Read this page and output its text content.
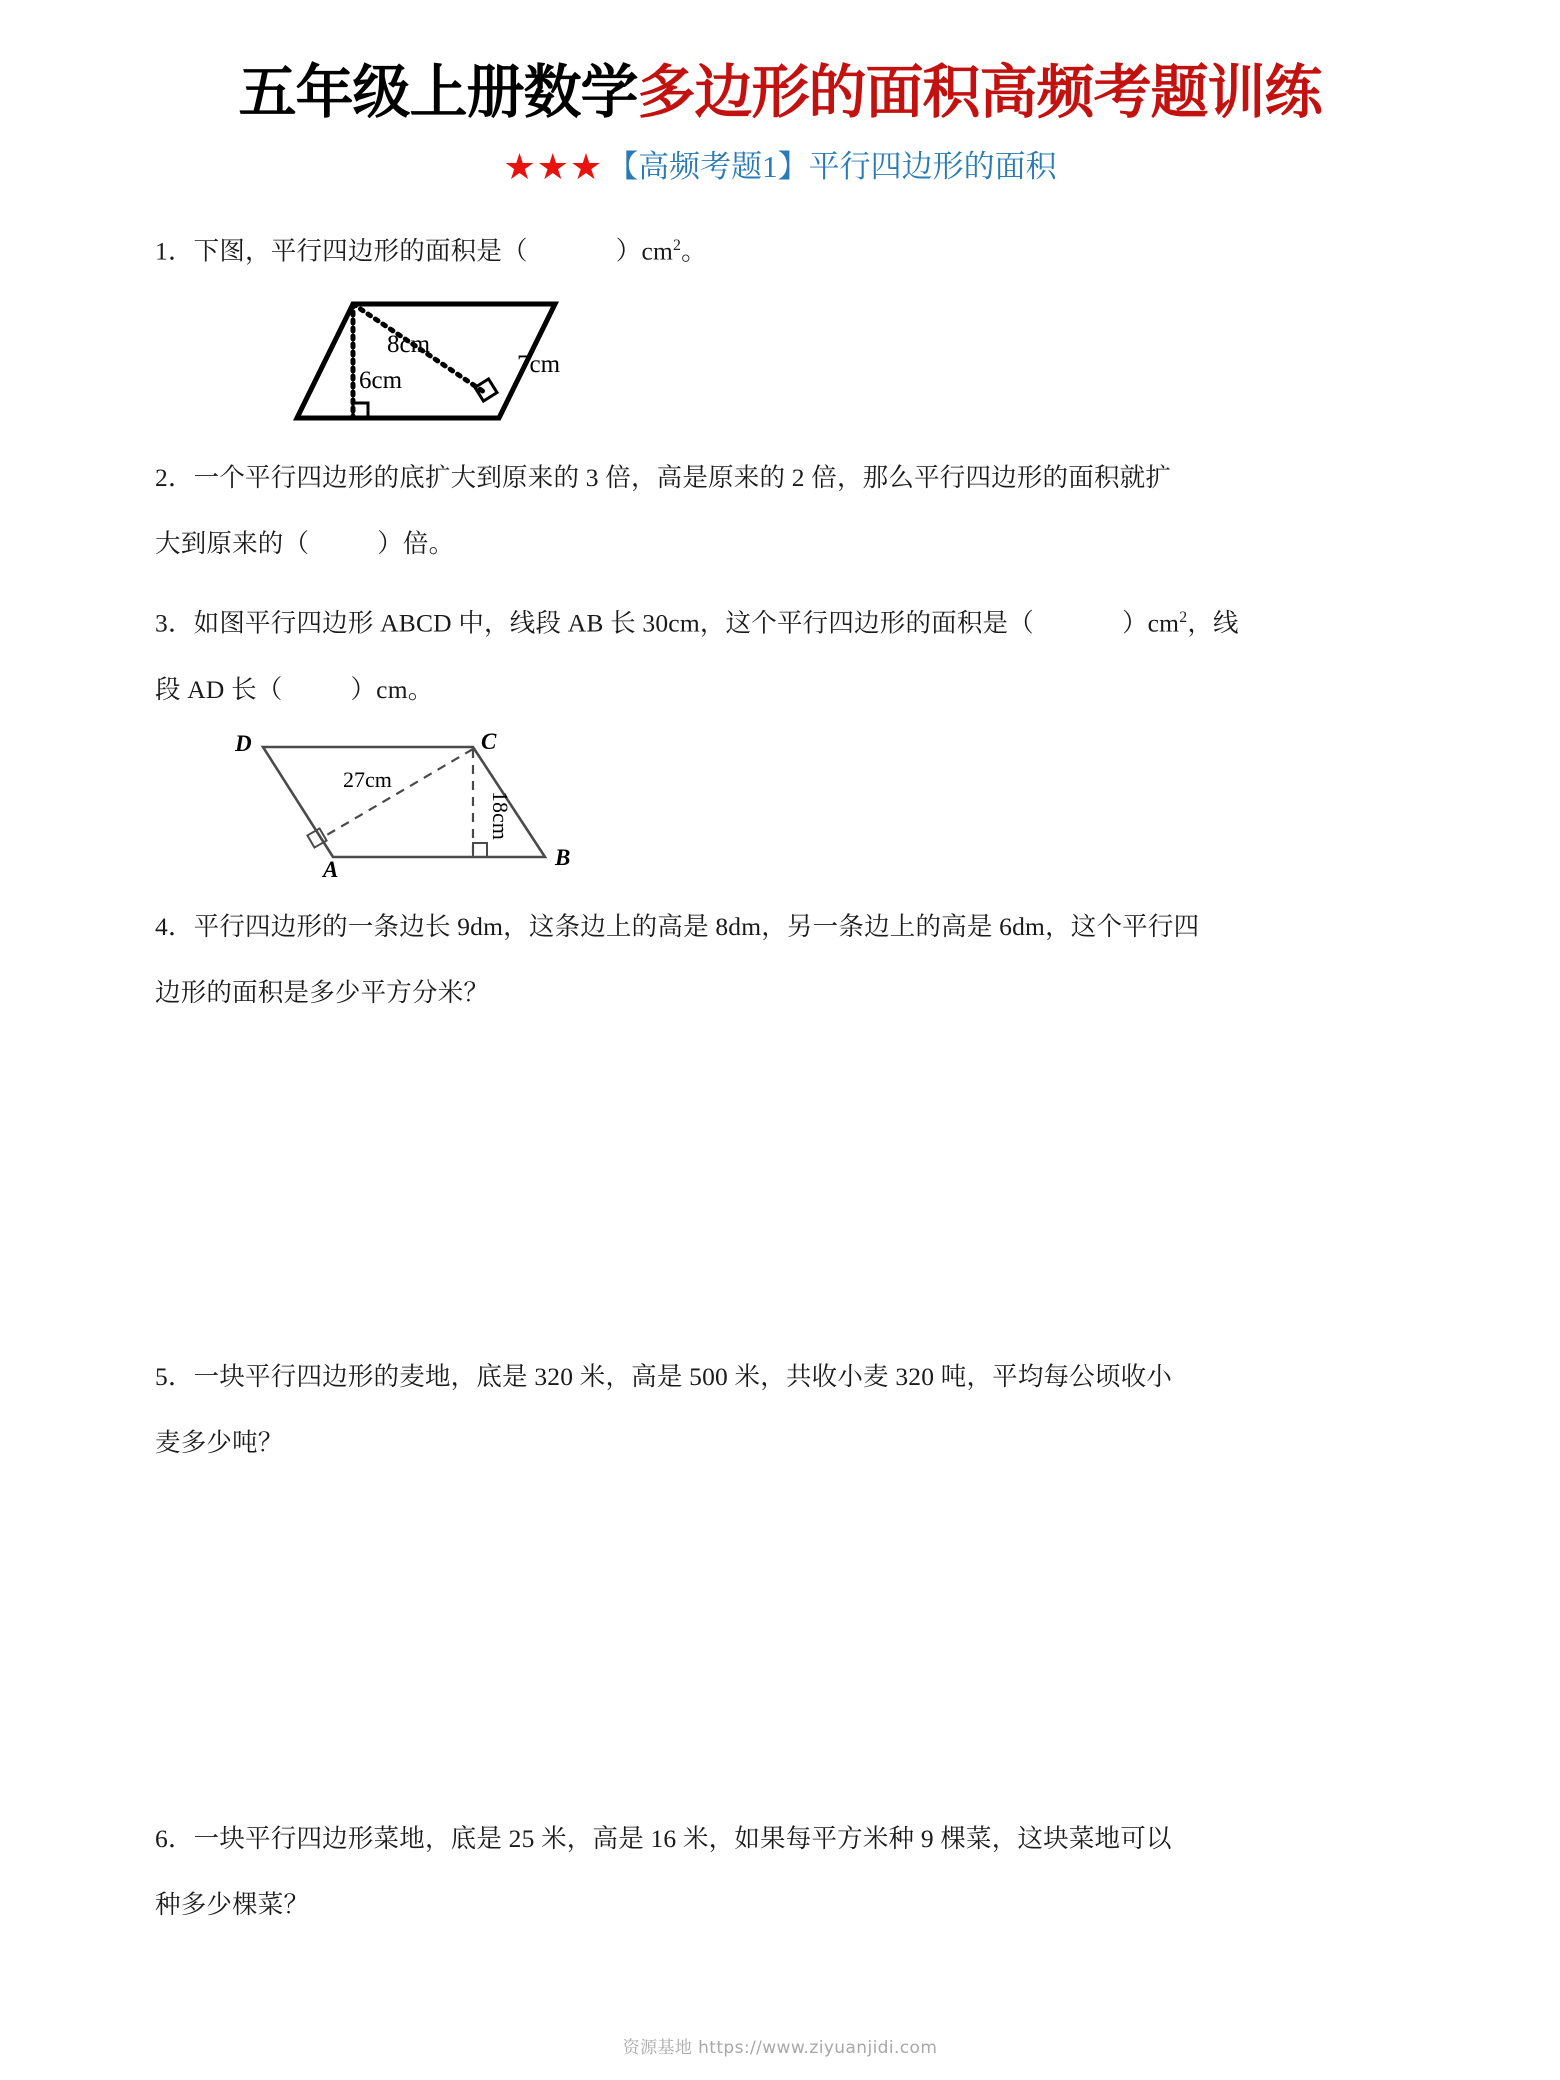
五年级上册数学多边形的面积高频考题训练
★★★ 【高频考题1】平行四边形的面积
1．下图，平行四边形的面积是（	）$cm^2$。
8cm
6cm
7cm
2．一个平行四边形的底扩大到原来的 3 倍，高是原来的 2 倍，那么平行四边形的面积就扩
大到原来的（	）倍。
3．如图平行四边形 ABCD 中，线段 AB 长 30cm，这个平行四边形的面积是（	）$cm^2$，线
段 AD 长（	）cm。
D	C
A	B
27cm
18cm
4．平行四边形的一条边长 9dm，这条边上的高是 8dm，另一条边上的高是 6dm，这个平行四
边形的面积是多少平方分米？
5．一块平行四边形的麦地，底是 320 米，高是 500 米，共收小麦 320 吨，平均每公顷收小
麦多少吨？
6．一块平行四边形菜地，底是 25 米，高是 16 米，如果每平方米种 9 棵菜，这块菜地可以
种多少棵菜？
资源基地 https://www.ziyuanjidi.com
